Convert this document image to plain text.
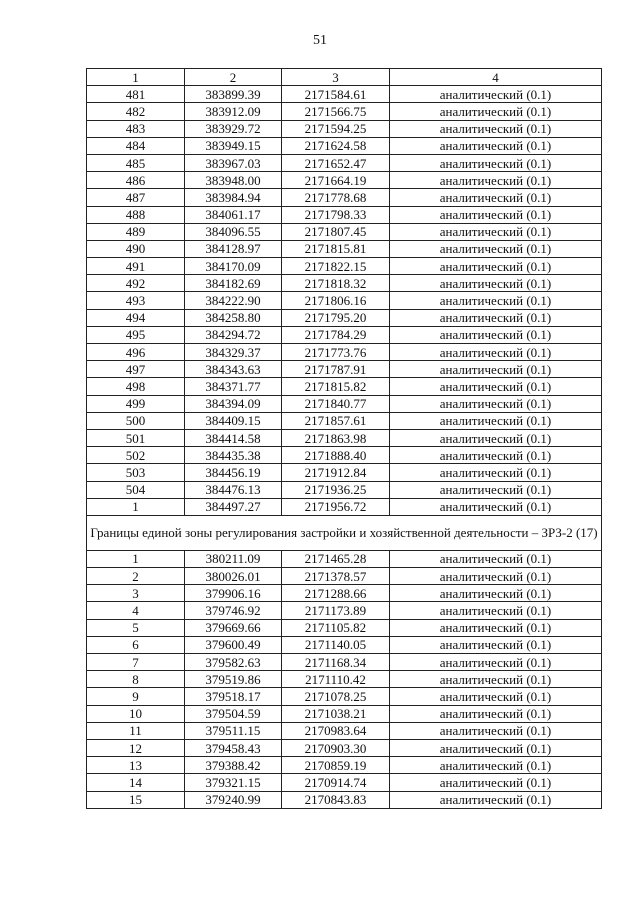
51
1	2	3	4
481	383899.39	2171584.61	аналитический (0.1)
482	383912.09	2171566.75	аналитический (0.1)
483	383929.72	2171594.25	аналитический (0.1)
484	383949.15	2171624.58	аналитический (0.1)
485	383967.03	2171652.47	аналитический (0.1)
486	383948.00	2171664.19	аналитический (0.1)
487	383984.94	2171778.68	аналитический (0.1)
488	384061.17	2171798.33	аналитический (0.1)
489	384096.55	2171807.45	аналитический (0.1)
490	384128.97	2171815.81	аналитический (0.1)
491	384170.09	2171822.15	аналитический (0.1)
492	384182.69	2171818.32	аналитический (0.1)
493	384222.90	2171806.16	аналитический (0.1)
494	384258.80	2171795.20	аналитический (0.1)
495	384294.72	2171784.29	аналитический (0.1)
496	384329.37	2171773.76	аналитический (0.1)
497	384343.63	2171787.91	аналитический (0.1)
498	384371.77	2171815.82	аналитический (0.1)
499	384394.09	2171840.77	аналитический (0.1)
500	384409.15	2171857.61	аналитический (0.1)
501	384414.58	2171863.98	аналитический (0.1)
502	384435.38	2171888.40	аналитический (0.1)
503	384456.19	2171912.84	аналитический (0.1)
504	384476.13	2171936.25	аналитический (0.1)
1	384497.27	2171956.72	аналитический (0.1)
Границы единой зоны регулирования застройки и хозяйственной деятельности – ЗРЗ-2 (17)			
1	380211.09	2171465.28	аналитический (0.1)
2	380026.01	2171378.57	аналитический (0.1)
3	379906.16	2171288.66	аналитический (0.1)
4	379746.92	2171173.89	аналитический (0.1)
5	379669.66	2171105.82	аналитический (0.1)
6	379600.49	2171140.05	аналитический (0.1)
7	379582.63	2171168.34	аналитический (0.1)
8	379519.86	2171110.42	аналитический (0.1)
9	379518.17	2171078.25	аналитический (0.1)
10	379504.59	2171038.21	аналитический (0.1)
11	379511.15	2170983.64	аналитический (0.1)
12	379458.43	2170903.30	аналитический (0.1)
13	379388.42	2170859.19	аналитический (0.1)
14	379321.15	2170914.74	аналитический (0.1)
15	379240.99	2170843.83	аналитический (0.1)
